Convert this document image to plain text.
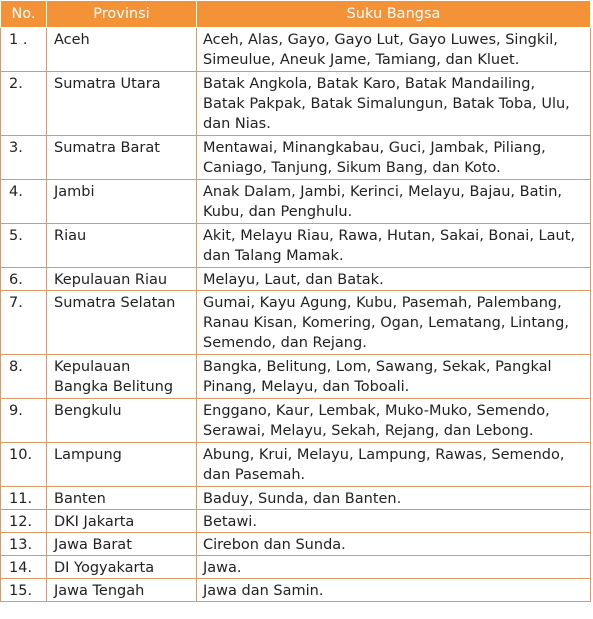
No.	Provinsi	Suku Bangsa
1 .	Aceh	Aceh, Alas, Gayo, Gayo Lut, Gayo Luwes, Singkil,
Simeulue, Aneuk Jame, Tamiang, dan Kluet.
2.	Sumatra Utara	Batak Angkola, Batak Karo, Batak Mandailing,
Batak Pakpak, Batak Simalungun, Batak Toba, Ulu,
dan Nias.
3.	Sumatra Barat	Mentawai, Minangkabau, Guci, Jambak, Piliang,
Caniago, Tanjung, Sikum Bang, dan Koto.
4.	Jambi	Anak Dalam, Jambi, Kerinci, Melayu, Bajau, Batin,
Kubu, dan Penghulu.
5.	Riau	Akit, Melayu Riau, Rawa, Hutan, Sakai, Bonai, Laut,
dan Talang Mamak.
6.	Kepulauan Riau	Melayu, Laut, dan Batak.
7.	Sumatra Selatan	Gumai, Kayu Agung, Kubu, Pasemah, Palembang,
Ranau Kisan, Komering, Ogan, Lematang, Lintang,
Semendo, dan Rejang.
8.	Kepulauan
Bangka Belitung	Bangka, Belitung, Lom, Sawang, Sekak, Pangkal
Pinang, Melayu, dan Toboali.
9.	Bengkulu	Enggano, Kaur, Lembak, Muko-Muko, Semendo,
Serawai, Melayu, Sekah, Rejang, dan Lebong.
10.	Lampung	Abung, Krui, Melayu, Lampung, Rawas, Semendo,
dan Pasemah.
11.	Banten	Baduy, Sunda, dan Banten.
12.	DKI Jakarta	Betawi.
13.	Jawa Barat	Cirebon dan Sunda.
14.	DI Yogyakarta	Jawa.
15.	Jawa Tengah	Jawa dan Samin.
